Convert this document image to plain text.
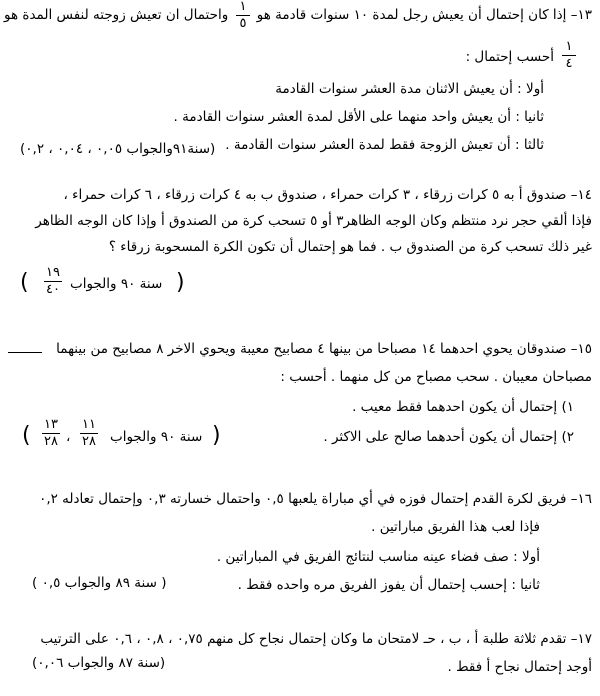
١٣– إذا كان إحتمال أن يعيش رجل لمدة ١٠ سنوات قادمة هو
١
٥
واحتمال ان تعيش زوجته لنفس المدة هو
١
٤
أحسب إحتمال :
أولا : أن يعيش الاثنان مدة العشر سنوات القادمة
ثانيا : أن يعيش واحد منهما على الأقل لمدة العشر سنوات القادمة .
ثالثا : أن تعيش الزوجة فقط لمدة العشر سنوات القادمة .
(سنة٩١والجواب ٠,٠٥ ، ٠,٠٤ ، ٠,٢)
١٤– صندوق أ به ٥ كرات زرقاء ، ٣ كرات حمراء ، صندوق ب به ٤ كرات زرقاء ، ٦ كرات حمراء ،
فإذا ألقي حجر نرد منتظم وكان الوجه الظاهر٣ أو ٥ تسحب كرة من الصندوق أ وإذا كان الوجه الظاهر
غير ذلك تسحب كرة من الصندوق ب . فما هو إحتمال أن تكون الكرة المسحوبة زرقاء ؟
(
سنة ٩٠ والجواب
١٩
٤٠
)
١٥– صندوقان يحوي احدهما ١٤ مصباحا من بينها ٤ مصابيح معيبة ويحوي الاخر ٨ مصابيح من بينهما
مصباحان معيبان . سحب مصباح من كل منهما . أحسب :
١) إحتمال أن يكون احدهما فقط معيب .
٢) إحتمال أن يكون أحدهما صالح على الاكثر .
(
سنة ٩٠ والجواب
١١
٢٨
،
١٣
٢٨
)
١٦– فريق لكرة القدم إحتمال فوزه في أي مباراة يلعبها ٠,٥ واحتمال خسارته ٠,٣ وإحتمال تعادله ٠,٢
فإذا لعب هذا الفريق مباراتين .
أولا : صف فضاء عينه مناسب لنتائج الفريق في المباراتين .
ثانيا : إحسب إحتمال أن يفوز الفريق مره واحده فقط .
( سنة ٨٩ والجواب ٠,٥ )
١٧– تقدم ثلاثة طلبة أ ، ب ، حـ لامتحان ما وكان إحتمال نجاح كل منهم ٠,٧٥ ، ٠,٨ ، ٠,٦ على الترتيب
أوجد إحتمال نجاح أ فقط .
(سنة ٨٧ والجواب ٠,٠٦)
